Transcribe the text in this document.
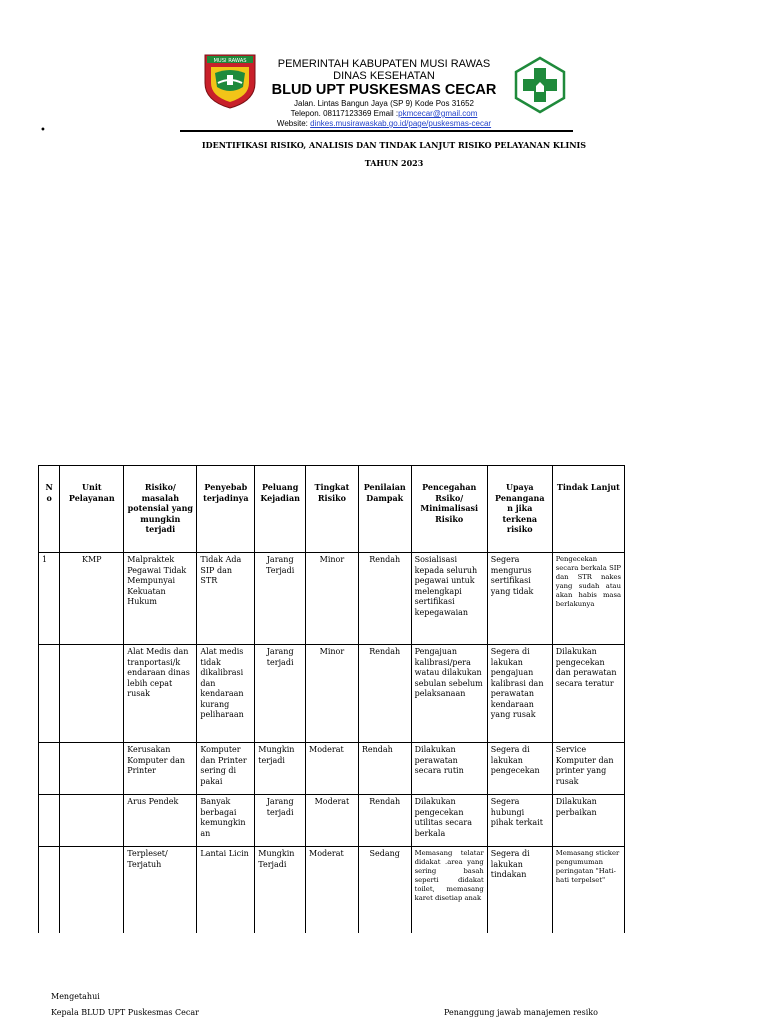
MUSI RAWAS	PEMERINTAH KABUPATEN MUSI RAWAS
DINAS KESEHATAN
BLUD UPT PUSKESMAS CECAR
Jalan. Lintas Bangun Jaya (SP 9) Kode Pos 31652
Telepon. 08117123369 Email :pkmcecar@gmail.com
Website: dinkes.musirawaskab.go.id/page/puskesmas-cecar
•
IDENTIFIKASI RISIKO, ANALISIS DAN TINDAK LANJUT RISIKO PELAYANAN KLINIS
TAHUN 2023
N o	Unit Pelayanan	Risiko/ masalah potensial yang mungkin terjadi	Penyebab terjadinya	Peluang Kejadian	Tingkat Risiko	Penilaian Dampak	Pencegahan Rsiko/ Minimalisasi Risiko	Upaya Penangana n jika terkena risiko	Tindak Lanjut
1	KMP	Malpraktek Pegawai Tidak Mempunyai Kekuatan Hukum	Tidak Ada SIP dan STR	Jarang Terjadi	Minor	Rendah	Sosialisasi kepada seluruh pegawai untuk melengkapi sertifikasi kepegawaian	Segera mengurus sertifikasi yang tidak	Pengecekan secara berkala SIP dan STR nakes yang sudah atau akan habis masa berlakunya
		Alat Medis dan tranportasi/k endaraan dinas lebih cepat rusak	Alat medis tidak dikalibrasi dan kendaraan kurang peliharaan	Jarang terjadi	Minor	Rendah	Pengajuan kalibrasi/pera watau dilakukan sebulan sebelum pelaksanaan	Segera di lakukan pengajuan kalibrasi dan perawatan kendaraan yang rusak	Dilakukan pengecekan dan perawatan secara teratur
		Kerusakan Komputer dan Printer	Komputer dan Printer sering di pakai	Mungkin terjadi	Moderat	Rendah	Dilakukan perawatan secara rutin	Segera di lakukan pengecekan	Service Komputer dan printer yang rusak
		Arus Pendek	Banyak berbagai kemungkin an	Jarang terjadi	Moderat	Rendah	Dilakukan pengecekan utilitas secara berkala	Segera hubungi pihak terkait	Dilakukan perbaikan
		Terpleset/ Terjatuh	Lantai Licin	Mungkin Terjadi	Moderat	Sedang	Memasang telatar didakat .area yang sering basah seperti didakat toilet, memasang karet disetiap anak	Segera di lakukan tindakan	Memasang sticker pengumuman peringatan "Hati-hati terpelset"
Mengetahui
Kepala BLUD UPT Puskesmas Cecar	Penanggung jawab manajemen resiko
